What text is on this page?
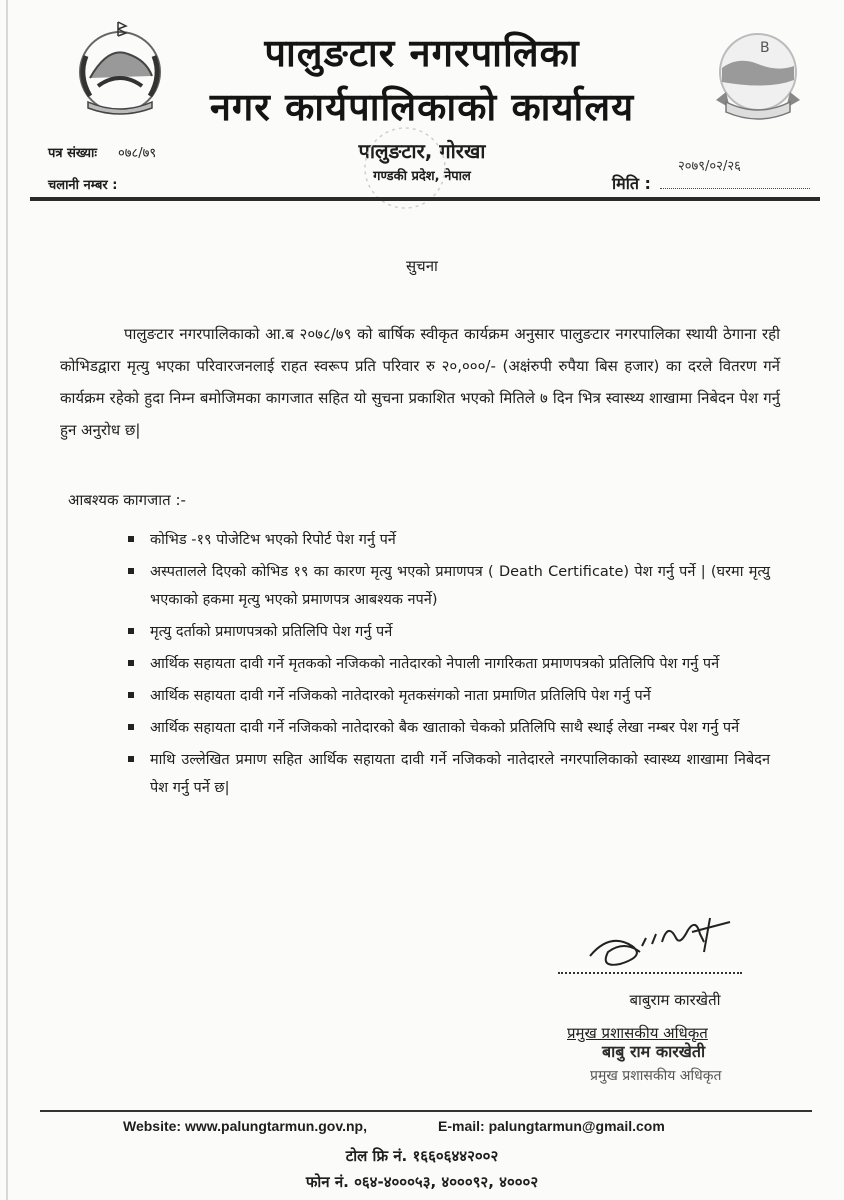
B
पालुङटार नगरपालिका
नगर कार्यपालिकाको कार्यालय
पालुङटार, गोरखा
गण्डकी प्रदेश, नेपाल
पत्र संख्याः ०७८/७९
चलानी नम्बर :	मिति :
२०७९/०२/२६
सुचना
पालुङटार नगरपालिकाको आ.ब २०७८/७९ को बार्षिक स्वीकृत कार्यक्रम अनुसार पालुङटार नगरपालिका स्थायी ठेगाना रही कोभिडद्वारा मृत्यु भएका परिवारजनलाई राहत स्वरूप प्रति परिवार रु २०,०००/- (अक्षंरुपी रुपैया बिस हजार) का दरले वितरण गर्ने कार्यक्रम रहेको हुदा निम्न बमोजिमका कागजात सहित यो सुचना प्रकाशित भएको मितिले ७ दिन भित्र स्वास्थ्य शाखामा निबेदन पेश गर्नु हुन अनुरोध छ|
आबश्यक कागजात :-
कोभिड -१९ पोजेटिभ भएको रिपोर्ट पेश गर्नु पर्ने
अस्पतालले दिएको कोभिड १९ का कारण मृत्यु भएको प्रमाणपत्र ( Death Certificate) पेश गर्नु पर्ने | (घरमा मृत्यु भएकाको हकमा मृत्यु भएको प्रमाणपत्र आबश्यक नपर्ने)
मृत्यु दर्ताको प्रमाणपत्रको प्रतिलिपि पेश गर्नु पर्ने
आर्थिक सहायता दावी गर्ने मृतकको नजिकको नातेदारको नेपाली नागरिकता प्रमाणपत्रको प्रतिलिपि पेश गर्नु पर्ने
आर्थिक सहायता दावी गर्ने नजिकको नातेदारको मृतकसंगको नाता प्रमाणित प्रतिलिपि पेश गर्नु पर्ने
आर्थिक सहायता दावी गर्ने नजिकको नातेदारको बैक खाताको चेकको प्रतिलिपि साथै स्थाई लेखा नम्बर पेश गर्नु पर्ने
माथि उल्लेखित प्रमाण सहित आर्थिक सहायता दावी गर्ने नजिकको नातेदारले नगरपालिकाको स्वास्थ्य शाखामा निबेदन पेश गर्नु पर्ने छ|
बाबुराम कारखेती
प्रमुख प्रशासकीय अधिकृत
बाबु राम कारखेती
प्रमुख प्रशासकीय अधिकृत
Website: www.palungtarmun.gov.np,	E-mail: palungtarmun@gmail.com
टोल फ्रि नं. १६६०६४४२००२
फोन नं. ०६४-४०००५३, ४०००९२, ४०००२
